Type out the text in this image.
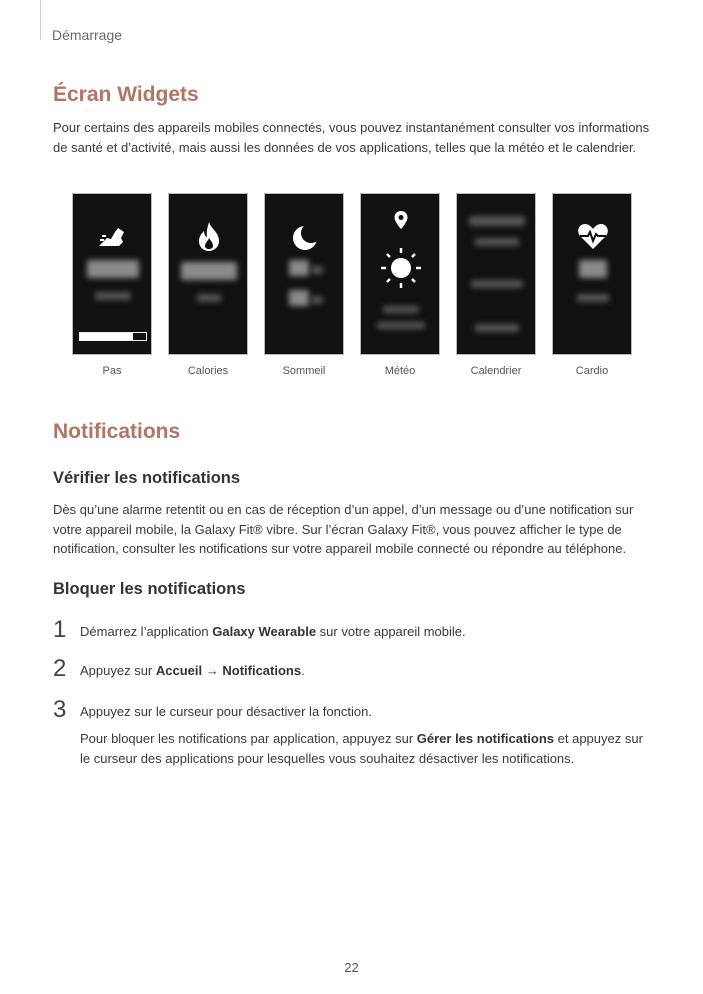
Démarrage
Écran Widgets
Pour certains des appareils mobiles connectés, vous pouvez instantanément consulter vos informations de santé et d’activité, mais aussi les données de vos applications, telles que la météo et le calendrier.
Pas	Calories	Sommeil	Météo	Calendrier	Cardio
Notifications
Vérifier les notifications
Dès qu’une alarme retentit ou en cas de réception d’un appel, d’un message ou d’une notification sur votre appareil mobile, la Galaxy Fit® vibre. Sur l’écran Galaxy Fit®, vous pouvez afficher le type de notification, consulter les notifications sur votre appareil mobile connecté ou répondre au téléphone.
Bloquer les notifications
1 Démarrez l’application Galaxy Wearable sur votre appareil mobile.
2 Appuyez sur Accueil → Notifications.
3 Appuyez sur le curseur pour désactiver la fonction.
Pour bloquer les notifications par application, appuyez sur Gérer les notifications et appuyez sur le curseur des applications pour lesquelles vous souhaitez désactiver les notifications.
22
